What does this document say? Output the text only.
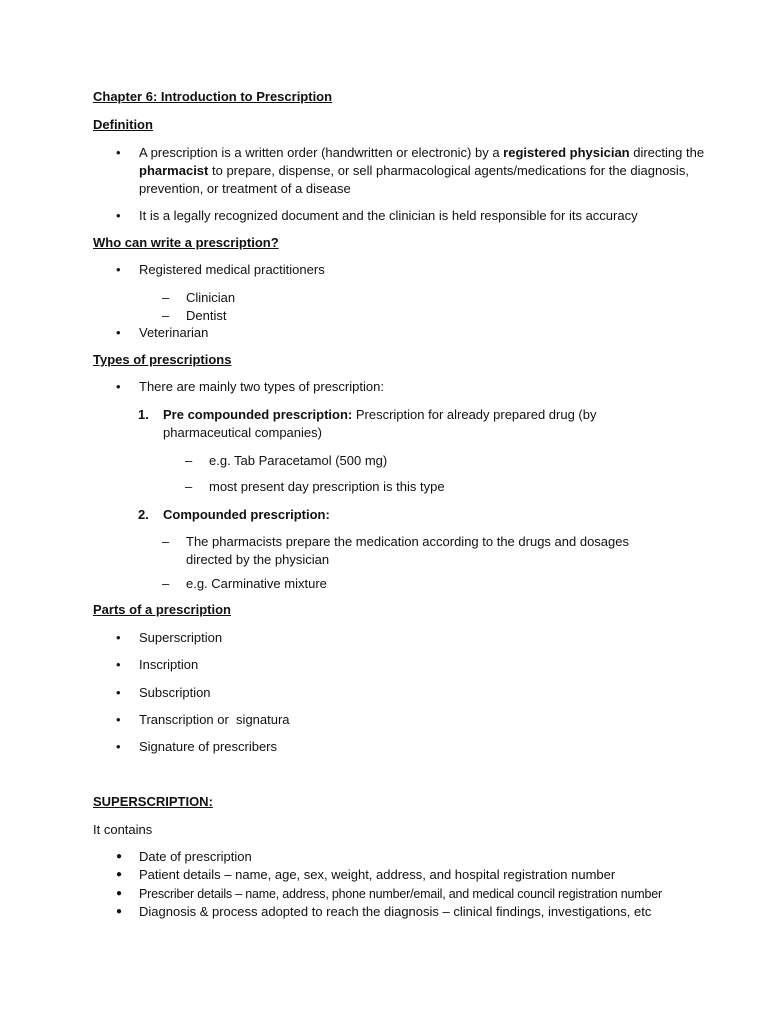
Chapter 6: Introduction to Prescription
Definition
• A prescription is a written order (handwritten or electronic) by a registered physician directing the pharmacist to prepare, dispense, or sell pharmacological agents/medications for the diagnosis, prevention, or treatment of a disease
• It is a legally recognized document and the clinician is held responsible for its accuracy
Who can write a prescription?
• Registered medical practitioners
– Clinician
– Dentist
• Veterinarian
Types of prescriptions
• There are mainly two types of prescription:
1. Pre compounded prescription: Prescription for already prepared drug (by pharmaceutical companies)
– e.g. Tab Paracetamol (500 mg)
– most present day prescription is this type
2. Compounded prescription:
– The pharmacists prepare the medication according to the drugs and dosages directed by the physician
– e.g. Carminative mixture
Parts of a prescription
• Superscription
• Inscription
• Subscription
• Transcription or  signatura
• Signature of prescribers
SUPERSCRIPTION:
It contains
● Date of prescription
● Patient details – name, age, sex, weight, address, and hospital registration number
● Prescriber details – name, address, phone number/email, and medical council registration number
● Diagnosis & process adopted to reach the diagnosis – clinical findings, investigations, etc
